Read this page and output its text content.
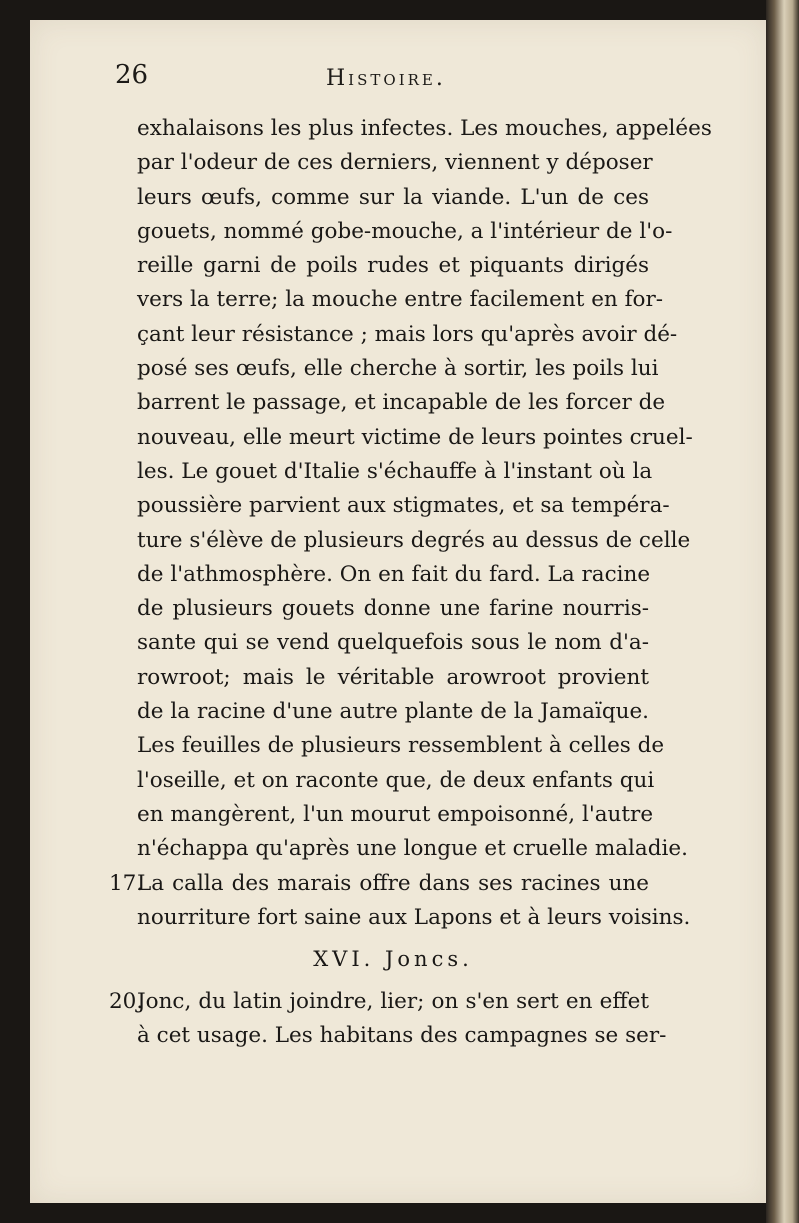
26	Histoire.
exhalaisons les plus infectes. Les mouches, appelées
par l'odeur de ces derniers, viennent y déposer
leurs œufs, comme sur la viande. L'un de ces
gouets, nommé gobe-mouche, a l'intérieur de l'o-
reille garni de poils rudes et piquants dirigés
vers la terre; la mouche entre facilement en for-
çant leur résistance ; mais lors qu'après avoir dé-
posé ses œufs, elle cherche à sortir, les poils lui
barrent le passage, et incapable de les forcer de
nouveau, elle meurt victime de leurs pointes cruel-
les. Le gouet d'Italie s'échauffe à l'instant où la
poussière parvient aux stigmates, et sa tempéra-
ture s'élève de plusieurs degrés au dessus de celle
de l'athmosphère. On en fait du fard. La racine
de plusieurs gouets donne une farine nourris-
sante qui se vend quelquefois sous le nom d'a-
rowroot; mais le véritable arowroot provient
de la racine d'une autre plante de la Jamaïque.
Les feuilles de plusieurs ressemblent à celles de
l'oseille, et on raconte que, de deux enfants qui
en mangèrent, l'un mourut empoisonné, l'autre
n'échappa qu'après une longue et cruelle maladie.
17.La calla des marais offre dans ses racines une
nourriture fort saine aux Lapons et à leurs voisins.
XVI. Joncs.
20.Jonc, du latin joindre, lier; on s'en sert en effet
à cet usage. Les habitans des campagnes se ser-
